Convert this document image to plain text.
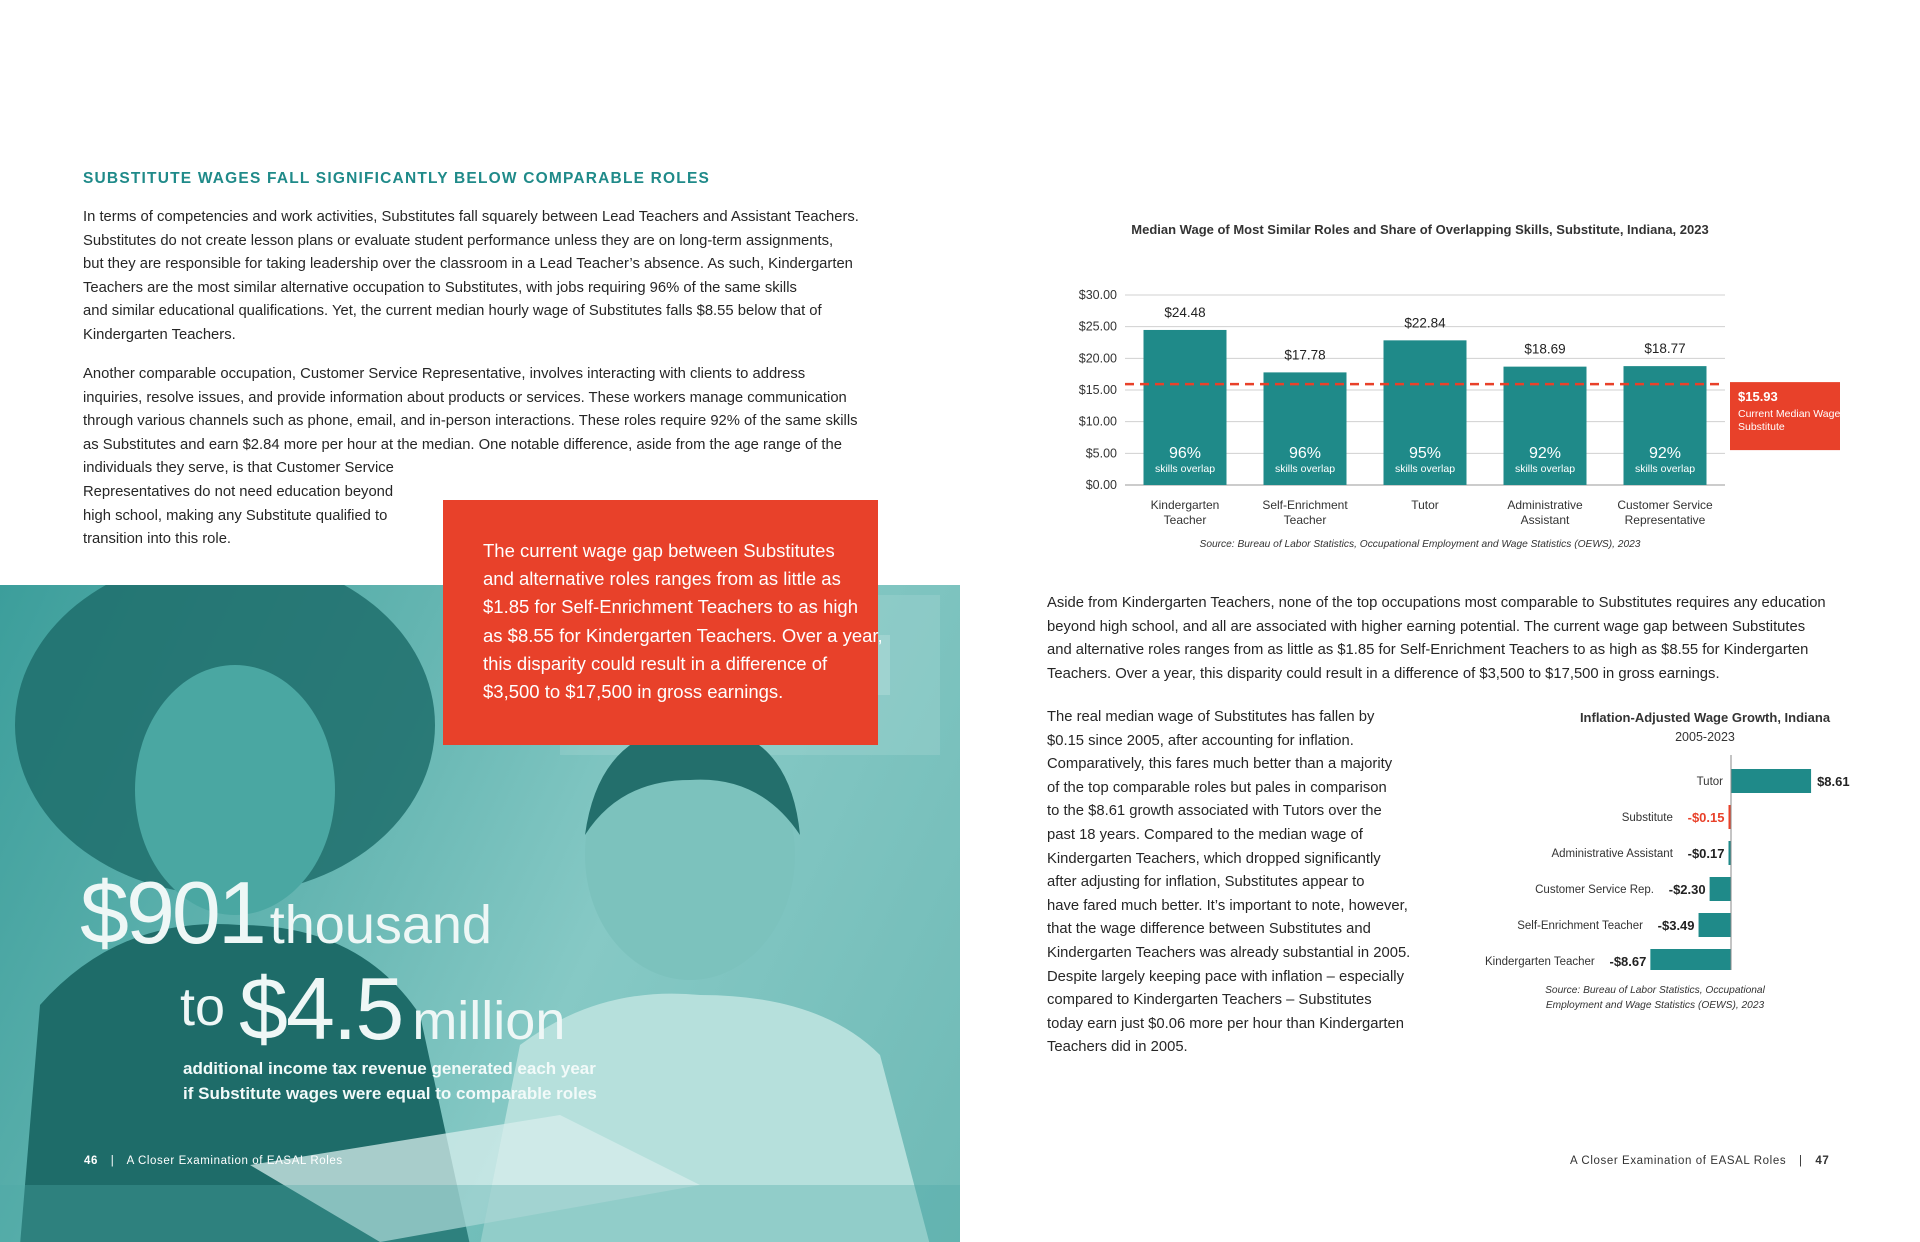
SUBSTITUTE WAGES FALL SIGNIFICANTLY BELOW COMPARABLE ROLES

In terms of competencies and work activities, Substitutes fall squarely between Lead Teachers and Assistant Teachers.
Substitutes do not create lesson plans or evaluate student performance unless they are on long-term assignments,
but they are responsible for taking leadership over the classroom in a Lead Teacher’s absence. As such, Kindergarten
Teachers are the most similar alternative occupation to Substitutes, with jobs requiring 96% of the same skills
and similar educational qualifications. Yet, the current median hourly wage of Substitutes falls $8.55 below that of
Kindergarten Teachers.

Another comparable occupation, Customer Service Representative, involves interacting with clients to address
inquiries, resolve issues, and provide information about products or services. These workers manage communication
through various channels such as phone, email, and in-person interactions. These roles require 92% of the same skills
as Substitutes and earn $2.84 more per hour at the median. One notable difference, aside from the age range of the
individuals they serve, is that Customer Service
Representatives do not need education beyond
high school, making any Substitute qualified to
transition into this role.

$901 thousand
to $4.5 million
additional income tax revenue generated each year
if Substitute wages were equal to comparable roles

The current wage gap between Substitutes
and alternative roles ranges from as little as
$1.85 for Self-Enrichment Teachers to as high
as $8.55 for Kindergarten Teachers. Over a year,
this disparity could result in a difference of
$3,500 to $17,500 in gross earnings.

46 | A Closer Examination of EASAL Roles
Median Wage of Most Similar Roles and Share of Overlapping Skills, Substitute, Indiana, 2023
$0.00
$5.00
$10.00
$15.00
$20.00
$25.00
$30.00
$24.48
96%
skills overlap
Kindergarten
Teacher
$17.78
96%
skills overlap
Self-Enrichment
Teacher
$22.84
95%
skills overlap
Tutor
$18.69
92%
skills overlap
Administrative
Assistant
$18.77
92%
skills overlap
Customer Service
Representative
$15.93
Current Median Wage
Substitute
Source: Bureau of Labor Statistics, Occupational Employment and Wage Statistics (OEWS), 2023

Aside from Kindergarten Teachers, none of the top occupations most comparable to Substitutes requires any education
beyond high school, and all are associated with higher earning potential. The current wage gap between Substitutes
and alternative roles ranges from as little as $1.85 for Self-Enrichment Teachers to as high as $8.55 for Kindergarten
Teachers. Over a year, this disparity could result in a difference of $3,500 to $17,500 in gross earnings.

The real median wage of Substitutes has fallen by
$0.15 since 2005, after accounting for inflation.
Comparatively, this fares much better than a majority
of the top comparable roles but pales in comparison
to the $8.61 growth associated with Tutors over the
past 18 years. Compared to the median wage of
Kindergarten Teachers, which dropped significantly
after adjusting for inflation, Substitutes appear to
have fared much better. It’s important to note, however,
that the wage difference between Substitutes and
Kindergarten Teachers was already substantial in 2005.
Despite largely keeping pace with inflation – especially
compared to Kindergarten Teachers – Substitutes
today earn just $0.06 more per hour than Kindergarten
Teachers did in 2005.

Inflation-Adjusted Wage Growth, Indiana
2005-2023
$8.61
Tutor
-$0.15
Substitute
-$0.17
Administrative Assistant
-$2.30
Customer Service Rep.
-$3.49
Self-Enrichment Teacher
-$8.67
Kindergarten Teacher
Source: Bureau of Labor Statistics, Occupational
Employment and Wage Statistics (OEWS), 2023
A Closer Examination of EASAL Roles | 47
